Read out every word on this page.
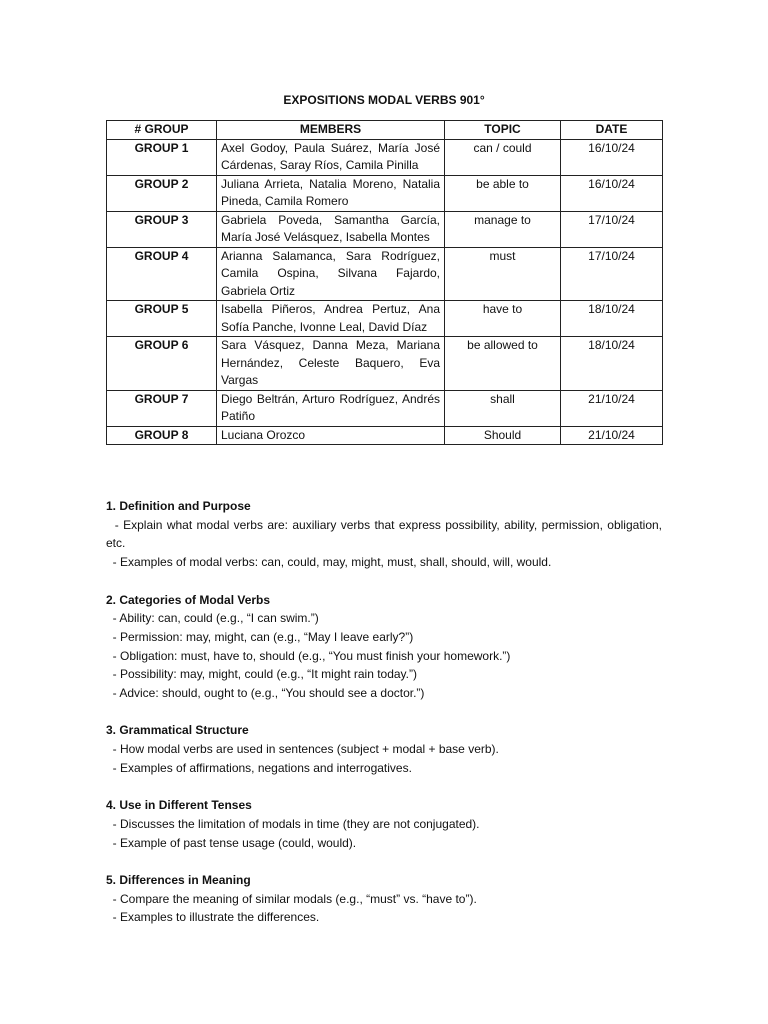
EXPOSITIONS MODAL VERBS 901°
# GROUP	MEMBERS	TOPIC	DATE
GROUP 1	Axel Godoy, Paula Suárez, María José Cárdenas, Saray Ríos, Camila Pinilla	can / could	16/10/24
GROUP 2	Juliana Arrieta, Natalia Moreno, Natalia Pineda, Camila Romero	be able to	16/10/24
GROUP 3	Gabriela Poveda, Samantha García, María José Velásquez, Isabella Montes	manage to	17/10/24
GROUP 4	Arianna Salamanca, Sara Rodríguez, Camila Ospina, Silvana Fajardo, Gabriela Ortiz	must	17/10/24
GROUP 5	Isabella Piñeros, Andrea Pertuz, Ana Sofía Panche, Ivonne Leal, David Díaz	have to	18/10/24
GROUP 6	Sara Vásquez, Danna Meza, Mariana Hernández, Celeste Baquero, Eva Vargas	be allowed to	18/10/24
GROUP 7	Diego Beltrán, Arturo Rodríguez, Andrés Patiño	shall	21/10/24
GROUP 8	Luciana Orozco	Should	21/10/24
1. Definition and Purpose
- Explain what modal verbs are: auxiliary verbs that express possibility, ability, permission, obligation, etc.
- Examples of modal verbs: can, could, may, might, must, shall, should, will, would.
2. Categories of Modal Verbs
- Ability: can, could (e.g., “I can swim.”)
- Permission: may, might, can (e.g., “May I leave early?”)
- Obligation: must, have to, should (e.g., “You must finish your homework.”)
- Possibility: may, might, could (e.g., “It might rain today.”)
- Advice: should, ought to (e.g., “You should see a doctor.”)
3. Grammatical Structure
- How modal verbs are used in sentences (subject + modal + base verb).
- Examples of affirmations, negations and interrogatives.
4. Use in Different Tenses
- Discusses the limitation of modals in time (they are not conjugated).
- Example of past tense usage (could, would).
5. Differences in Meaning
- Compare the meaning of similar modals (e.g., “must” vs. “have to”).
- Examples to illustrate the differences.
